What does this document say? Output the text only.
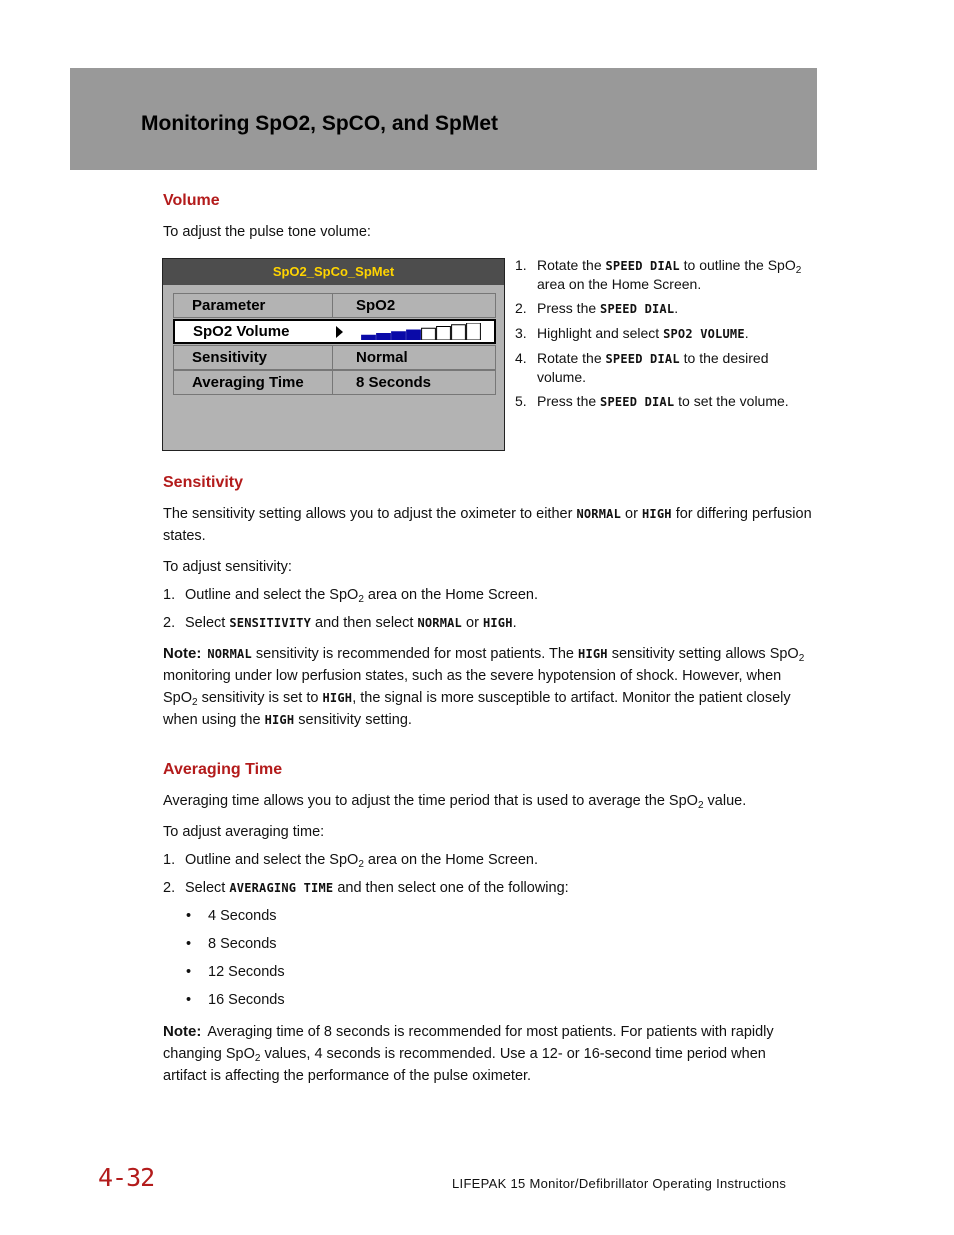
Monitoring SpO2, SpCO, and SpMet
Volume
To adjust the pulse tone volume:
SpO2_SpCo_SpMet
Parameter	SpO2
SpO2 Volume
Sensitivity	Normal
Averaging Time	8 Seconds
1. Rotate the SPEED DIAL to outline the SpO$_2$ area on the Home Screen.
2. Press the SPEED DIAL.
3. Highlight and select SPO2 VOLUME.
4. Rotate the SPEED DIAL to the desired volume.
5. Press the SPEED DIAL to set the volume.
Sensitivity
The sensitivity setting allows you to adjust the oximeter to either NORMAL or HIGH for differing perfusion states.
To adjust sensitivity:
1. Outline and select the SpO$_2$ area on the Home Screen.
2. Select SENSITIVITY and then select NORMAL or HIGH.
Note: NORMAL sensitivity is recommended for most patients. The HIGH sensitivity setting allows SpO$_2$ monitoring under low perfusion states, such as the severe hypotension of shock. However, when SpO$_2$ sensitivity is set to HIGH, the signal is more susceptible to artifact. Monitor the patient closely when using the HIGH sensitivity setting.
Averaging Time
Averaging time allows you to adjust the time period that is used to average the SpO$_2$ value.
To adjust averaging time:
1. Outline and select the SpO$_2$ area on the Home Screen.
2. Select AVERAGING TIME and then select one of the following:
• 4 Seconds
• 8 Seconds
• 12 Seconds
• 16 Seconds
Note: Averaging time of 8 seconds is recommended for most patients. For patients with rapidly changing SpO$_2$ values, 4 seconds is recommended. Use a 12- or 16-second time period when artifact is affecting the performance of the pulse oximeter.
4-32	LIFEPAK 15 Monitor/Defibrillator Operating Instructions
